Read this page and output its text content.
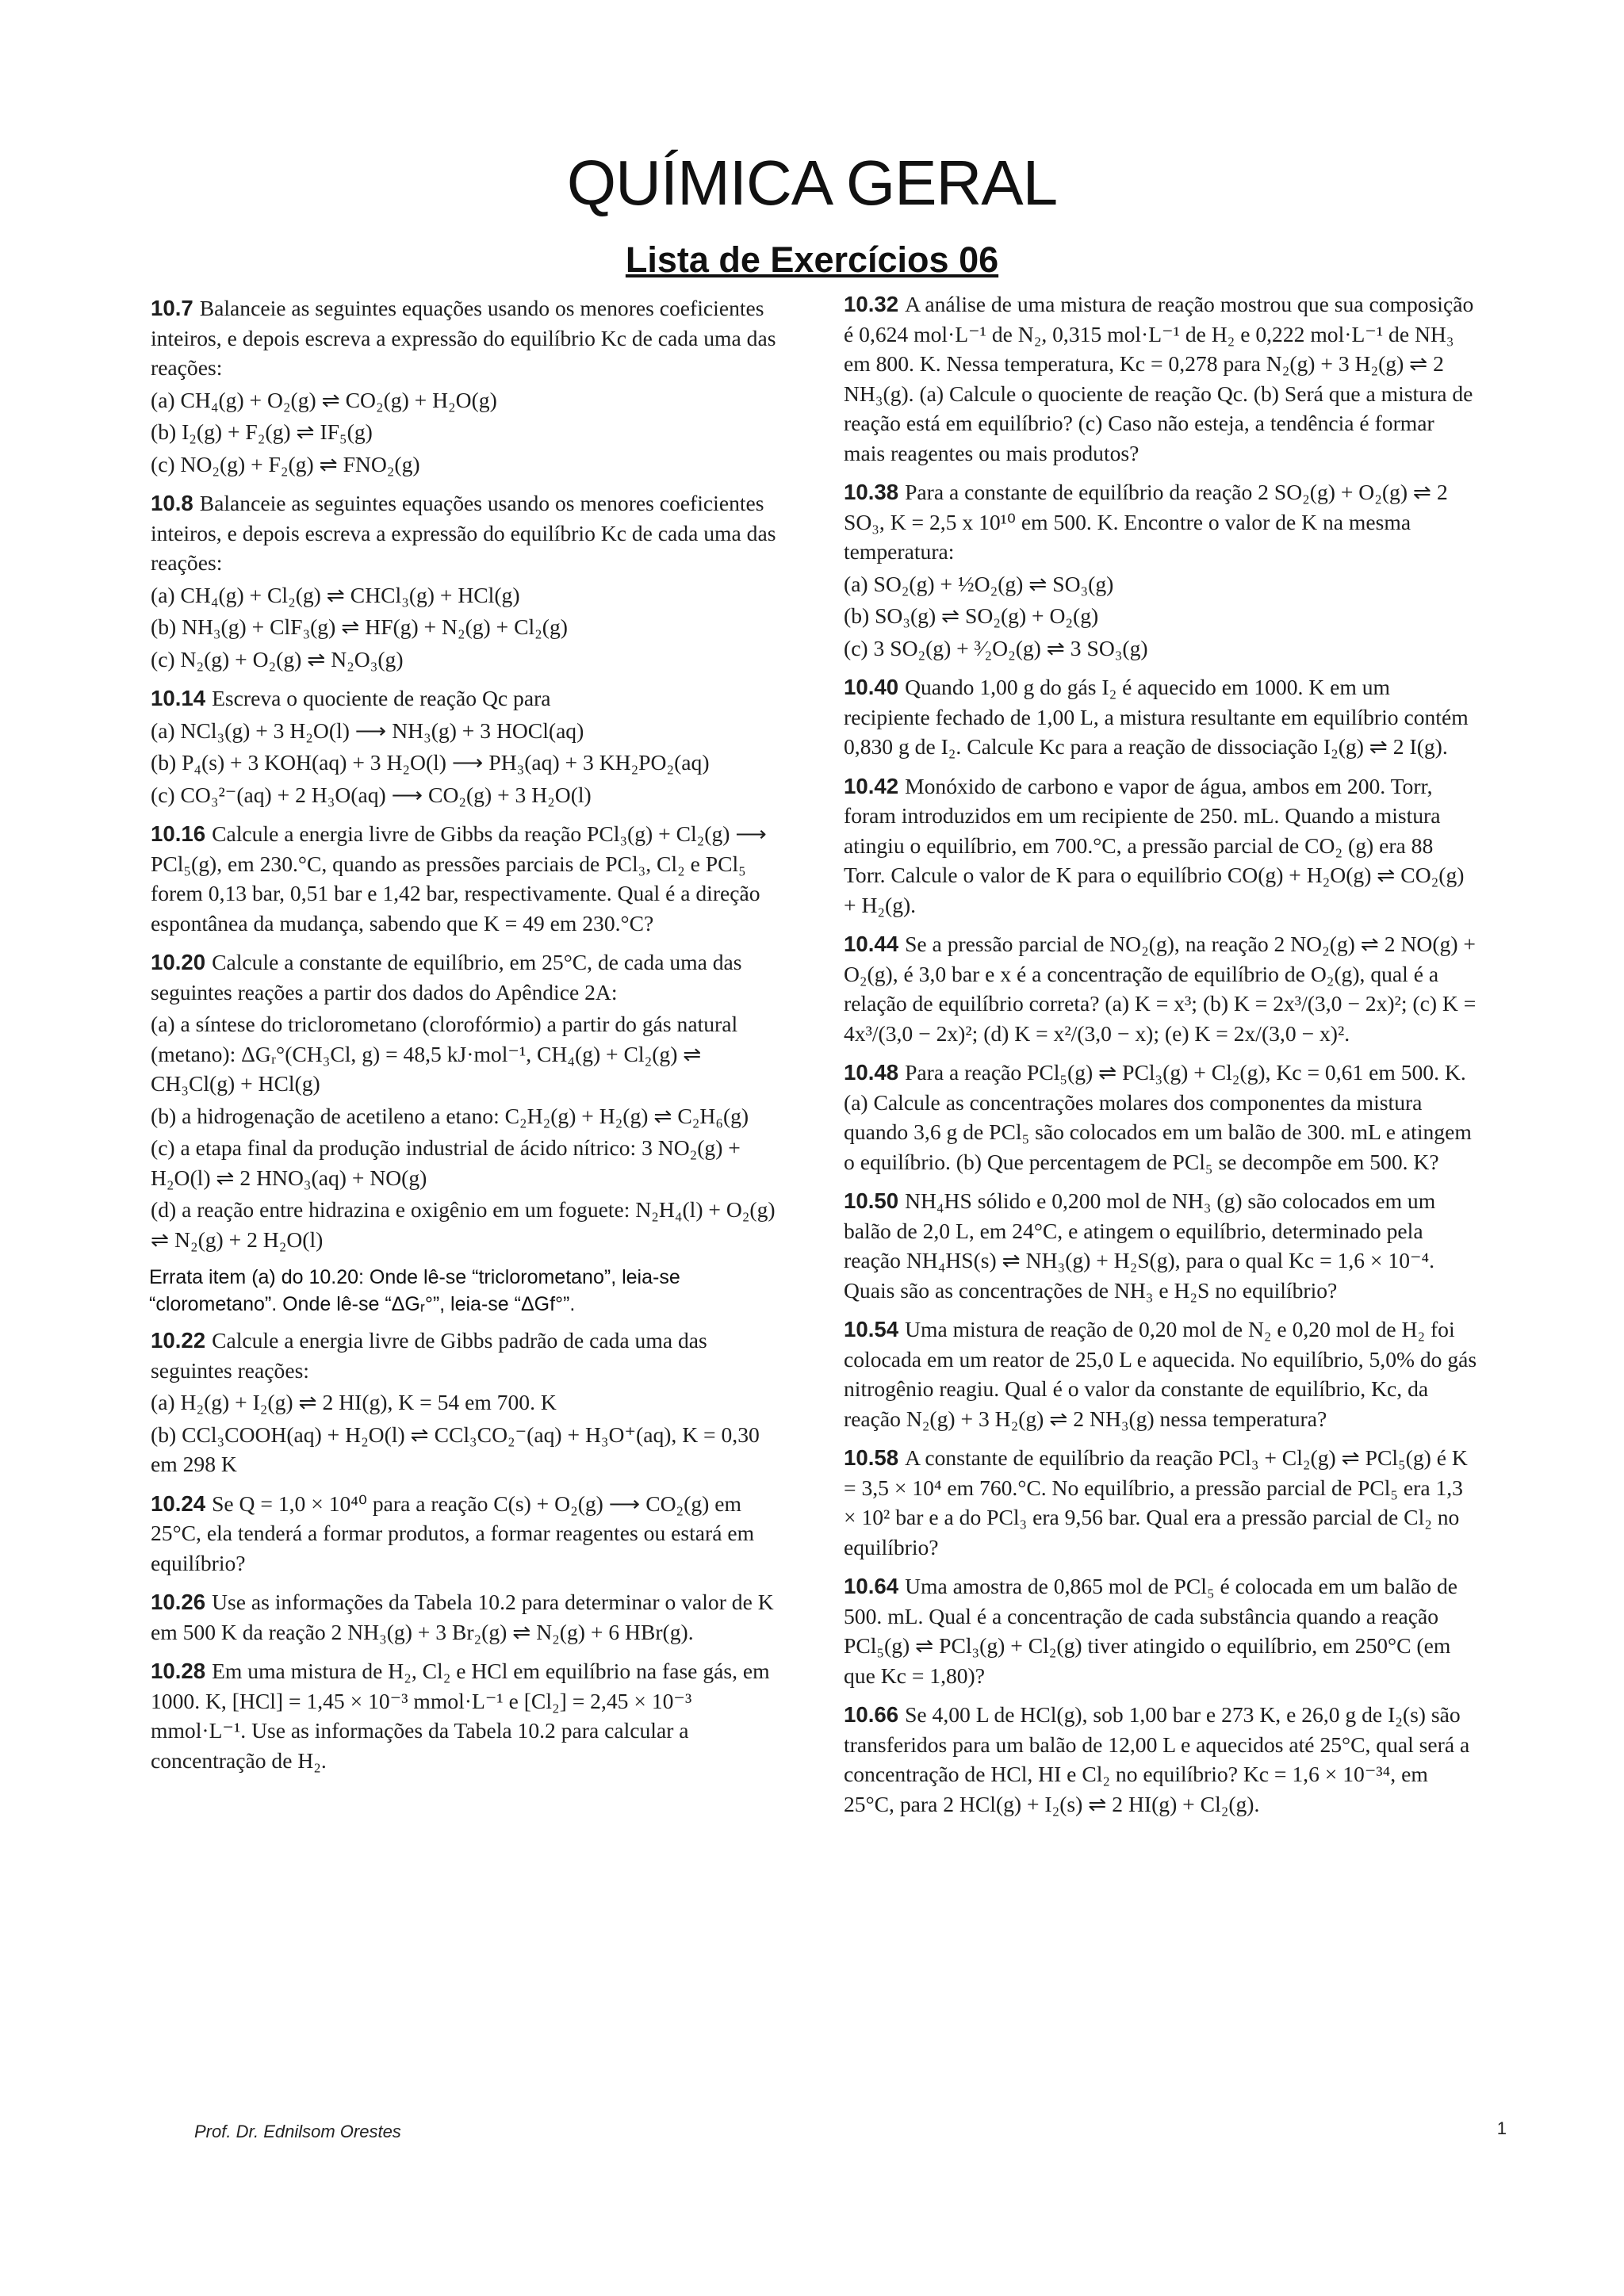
QUÍMICA GERAL
Lista de Exercícios 06

10.7 Balanceie as seguintes equações usando os menores coeficientes inteiros, e depois escreva a expressão do equilíbrio Kc de cada uma das reações:

(a) CH₄(g) + O₂(g) ⇌ CO₂(g) + H₂O(g)
(b) I₂(g) + F₂(g) ⇌ IF₅(g)
(c) NO₂(g) + F₂(g) ⇌ FNO₂(g)

10.8 Balanceie as seguintes equações usando os menores coeficientes inteiros, e depois escreva a expressão do equilíbrio Kc de cada uma das reações:

(a) CH₄(g) + Cl₂(g) ⇌ CHCl₃(g) + HCl(g)
(b) NH₃(g) + ClF₃(g) ⇌ HF(g) + N₂(g) + Cl₂(g)
(c) N₂(g) + O₂(g) ⇌ N₂O₃(g)

10.14 Escreva o quociente de reação Qc para

(a) NCl₃(g) + 3 H₂O(l) ⟶ NH₃(g) + 3 HOCl(aq)
(b) P₄(s) + 3 KOH(aq) + 3 H₂O(l) ⟶ PH₃(aq) + 3 KH₂PO₂(aq)
(c) CO₃²⁻(aq) + 2 H₃O(aq) ⟶ CO₂(g) + 3 H₂O(l)

10.16 Calcule a energia livre de Gibbs da reação PCl₃(g) + Cl₂(g) ⟶ PCl₅(g), em 230.°C, quando as pressões parciais de PCl₃, Cl₂ e PCl₅ forem 0,13 bar, 0,51 bar e 1,42 bar, respectivamente. Qual é a direção espontânea da mudança, sabendo que K = 49 em 230.°C?

10.20 Calcule a constante de equilíbrio, em 25°C, de cada uma das seguintes reações a partir dos dados do Apêndice 2A:

(a) a síntese do triclorometano (clorofórmio) a partir do gás natural (metano): ΔGᵣ°(CH₃Cl, g) = 48,5 kJ·mol⁻¹, CH₄(g) + Cl₂(g) ⇌ CH₃Cl(g) + HCl(g)
(b) a hidrogenação de acetileno a etano: C₂H₂(g) + H₂(g) ⇌ C₂H₆(g)
(c) a etapa final da produção industrial de ácido nítrico: 3 NO₂(g) + H₂O(l) ⇌ 2 HNO₃(aq) + NO(g)
(d) a reação entre hidrazina e oxigênio em um foguete: N₂H₄(l) + O₂(g) ⇌ N₂(g) + 2 H₂O(l)
Errata item (a) do 10.20: Onde lê-se “triclorometano”, leia-se “clorometano”. Onde lê-se “ΔGᵣ°”, leia-se “ΔGf°”.

10.22 Calcule a energia livre de Gibbs padrão de cada uma das seguintes reações:

(a) H₂(g) + I₂(g) ⇌ 2 HI(g), K = 54 em 700. K
(b) CCl₃COOH(aq) + H₂O(l) ⇌ CCl₃CO₂⁻(aq) + H₃O⁺(aq), K = 0,30 em 298 K

10.24 Se Q = 1,0 × 10⁴⁰ para a reação C(s) + O₂(g) ⟶ CO₂(g) em 25°C, ela tenderá a formar produtos, a formar reagentes ou estará em equilíbrio?

10.26 Use as informações da Tabela 10.2 para determinar o valor de K em 500 K da reação 2 NH₃(g) + 3 Br₂(g) ⇌ N₂(g) + 6 HBr(g).

10.28 Em uma mistura de H₂, Cl₂ e HCl em equilíbrio na fase gás, em 1000. K, [HCl] = 1,45 × 10⁻³ mmol·L⁻¹ e [Cl₂] = 2,45 × 10⁻³ mmol·L⁻¹. Use as informações da Tabela 10.2 para calcular a concentração de H₂.

10.32 A análise de uma mistura de reação mostrou que sua composição é 0,624 mol·L⁻¹ de N₂, 0,315 mol·L⁻¹ de H₂ e 0,222 mol·L⁻¹ de NH₃ em 800. K. Nessa temperatura, Kc = 0,278 para N₂(g) + 3 H₂(g) ⇌ 2 NH₃(g). (a) Calcule o quociente de reação Qc. (b) Será que a mistura de reação está em equilíbrio? (c) Caso não esteja, a tendência é formar mais reagentes ou mais produtos?

10.38 Para a constante de equilíbrio da reação 2 SO₂(g) + O₂(g) ⇌ 2 SO₃, K = 2,5 x 10¹⁰ em 500. K. Encontre o valor de K na mesma temperatura:

(a) SO₂(g) + ½O₂(g) ⇌ SO₃(g)
(b) SO₃(g) ⇌ SO₂(g) + O₂(g)
(c) 3 SO₂(g) + ³⁄₂O₂(g) ⇌ 3 SO₃(g)

10.40 Quando 1,00 g do gás I₂ é aquecido em 1000. K em um recipiente fechado de 1,00 L, a mistura resultante em equilíbrio contém 0,830 g de I₂. Calcule Kc para a reação de dissociação I₂(g) ⇌ 2 I(g).

10.42 Monóxido de carbono e vapor de água, ambos em 200. Torr, foram introduzidos em um recipiente de 250. mL. Quando a mistura atingiu o equilíbrio, em 700.°C, a pressão parcial de CO₂ (g) era 88 Torr. Calcule o valor de K para o equilíbrio CO(g) + H₂O(g) ⇌ CO₂(g) + H₂(g).

10.44 Se a pressão parcial de NO₂(g), na reação 2 NO₂(g) ⇌ 2 NO(g) + O₂(g), é 3,0 bar e x é a concentração de equilíbrio de O₂(g), qual é a relação de equilíbrio correta? (a) K = x³; (b) K = 2x³/(3,0 − 2x)²; (c) K = 4x³/(3,0 − 2x)²; (d) K = x²/(3,0 − x); (e) K = 2x/(3,0 − x)².

10.48 Para a reação PCl₅(g) ⇌ PCl₃(g) + Cl₂(g), Kc = 0,61 em 500. K. (a) Calcule as concentrações molares dos componentes da mistura quando 3,6 g de PCl₅ são colocados em um balão de 300. mL e atingem o equilíbrio. (b) Que percentagem de PCl₅ se decompõe em 500. K?

10.50 NH₄HS sólido e 0,200 mol de NH₃ (g) são colocados em um balão de 2,0 L, em 24°C, e atingem o equilíbrio, determinado pela reação NH₄HS(s) ⇌ NH₃(g) + H₂S(g), para o qual Kc = 1,6 × 10⁻⁴. Quais são as concentrações de NH₃ e H₂S no equilíbrio?

10.54 Uma mistura de reação de 0,20 mol de N₂ e 0,20 mol de H₂ foi colocada em um reator de 25,0 L e aquecida. No equilíbrio, 5,0% do gás nitrogênio reagiu. Qual é o valor da constante de equilíbrio, Kc, da reação N₂(g) + 3 H₂(g) ⇌ 2 NH₃(g) nessa temperatura?

10.58 A constante de equilíbrio da reação PCl₃ + Cl₂(g) ⇌ PCl₅(g) é K = 3,5 × 10⁴ em 760.°C. No equilíbrio, a pressão parcial de PCl₅ era 1,3 × 10² bar e a do PCl₃ era 9,56 bar. Qual era a pressão parcial de Cl₂ no equilíbrio?

10.64 Uma amostra de 0,865 mol de PCl₅ é colocada em um balão de 500. mL. Qual é a concentração de cada substância quando a reação PCl₅(g) ⇌ PCl₃(g) + Cl₂(g) tiver atingido o equilíbrio, em 250°C (em que Kc = 1,80)?

10.66 Se 4,00 L de HCl(g), sob 1,00 bar e 273 K, e 26,0 g de I₂(s) são transferidos para um balão de 12,00 L e aquecidos até 25°C, qual será a concentração de HCl, HI e Cl₂ no equilíbrio? Kc = 1,6 × 10⁻³⁴, em 25°C, para 2 HCl(g) + I₂(s) ⇌ 2 HI(g) + Cl₂(g).

Prof. Dr. Ednilsom Orestes	1
